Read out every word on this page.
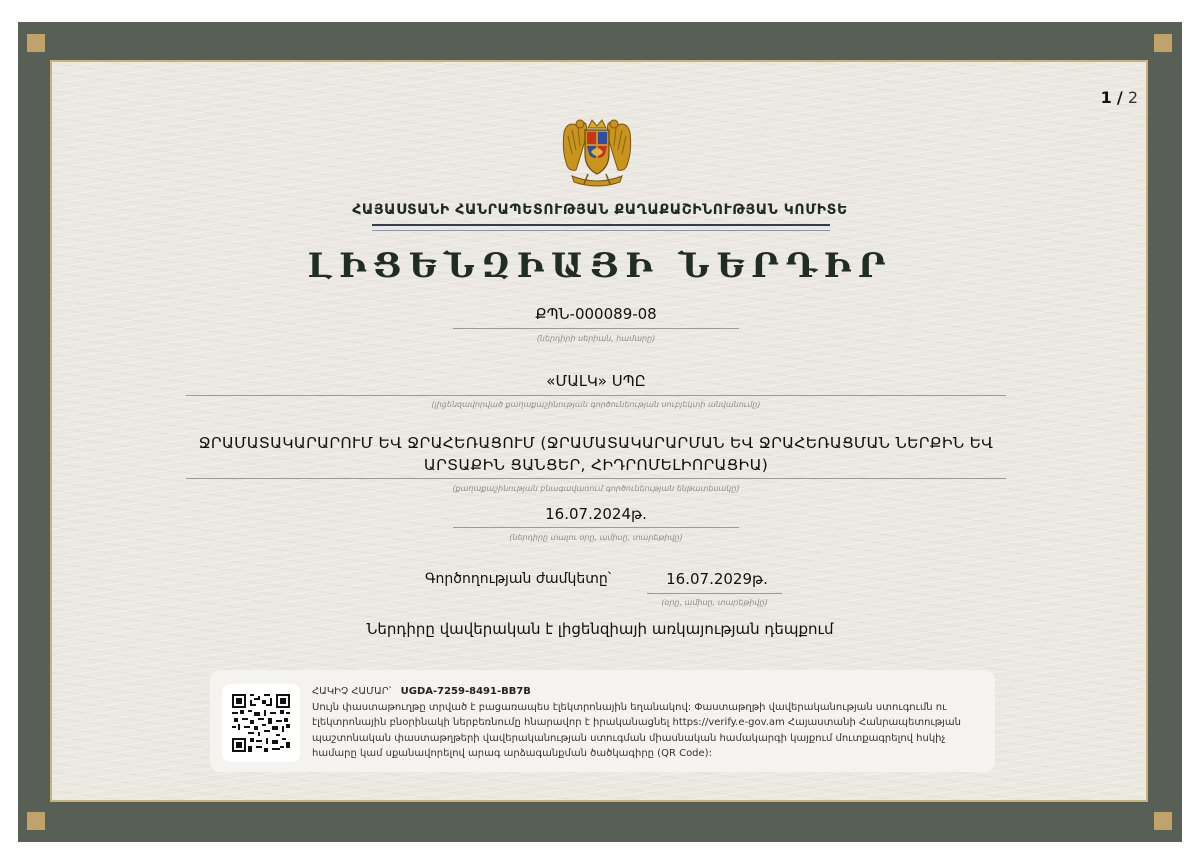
1 / 2
ՀԱՅԱՍՏԱՆԻ ՀԱՆՐԱՊԵՏՈՒԹՅԱՆ ՔԱՂԱՔԱՇԻՆՈՒԹՅԱՆ ԿՈՄԻՏԵ
ԼԻՑԵՆԶԻԱՅԻ ՆԵՐԴԻՐ
ՔՊՆ-000089-08
(ներդիրի սերիան, համարը)
«ՄԱԼԿ» ՍՊԸ
(լիցենզավորված քաղաքաշինության գործունեության սուբյեկտի անվանումը)
ՋՐԱՄԱՏԱԿԱՐԱՐՈՒՄ ԵՎ ՋՐԱՀԵՌԱՑՈՒՄ (ՋՐԱՄԱՏԱԿԱՐԱՐՄԱՆ ԵՎ ՋՐԱՀԵՌԱՑՄԱՆ ՆԵՐՔԻՆ ԵՎ
ԱՐՏԱՔԻՆ ՑԱՆՑԵՐ, ՀԻԴՐՈՄԵԼԻՈՐԱՑԻԱ)
(քաղաքաշինության բնագավառում գործունեության ենթատեսակը)
16.07.2024թ.
(ներդիրը տալու օրը, ամիսը, տարեթիվը)
Գործողության ժամկետը՝	16.07.2029թ.
(օրը, ամիսը, տարեթիվը)
Ներդիրը վավերական է լիցենզիայի առկայության դեպքում
ՀԱԿԻՉ ՀԱՄԱՐ՝ UGDA-7259-8491-BB7B
Սույն փաստաթուղթը տրված է բացառապես էլեկտրոնային եղանակով: Փաստաթղթի վավերականության ստուգումն ու էլեկտրոնային բնօրինակի ներբեռնումը հնարավոր է իրականացնել https://verify.e-gov.am Հայաստանի Հանրապետության պաշտոնական փաստաթղթերի վավերականության ստուգման միասնական համակարգի կայքում մուտքագրելով հսկիչ համարը կամ սքանավորելով արագ արձագանքման ծածկագիրը (QR Code):
